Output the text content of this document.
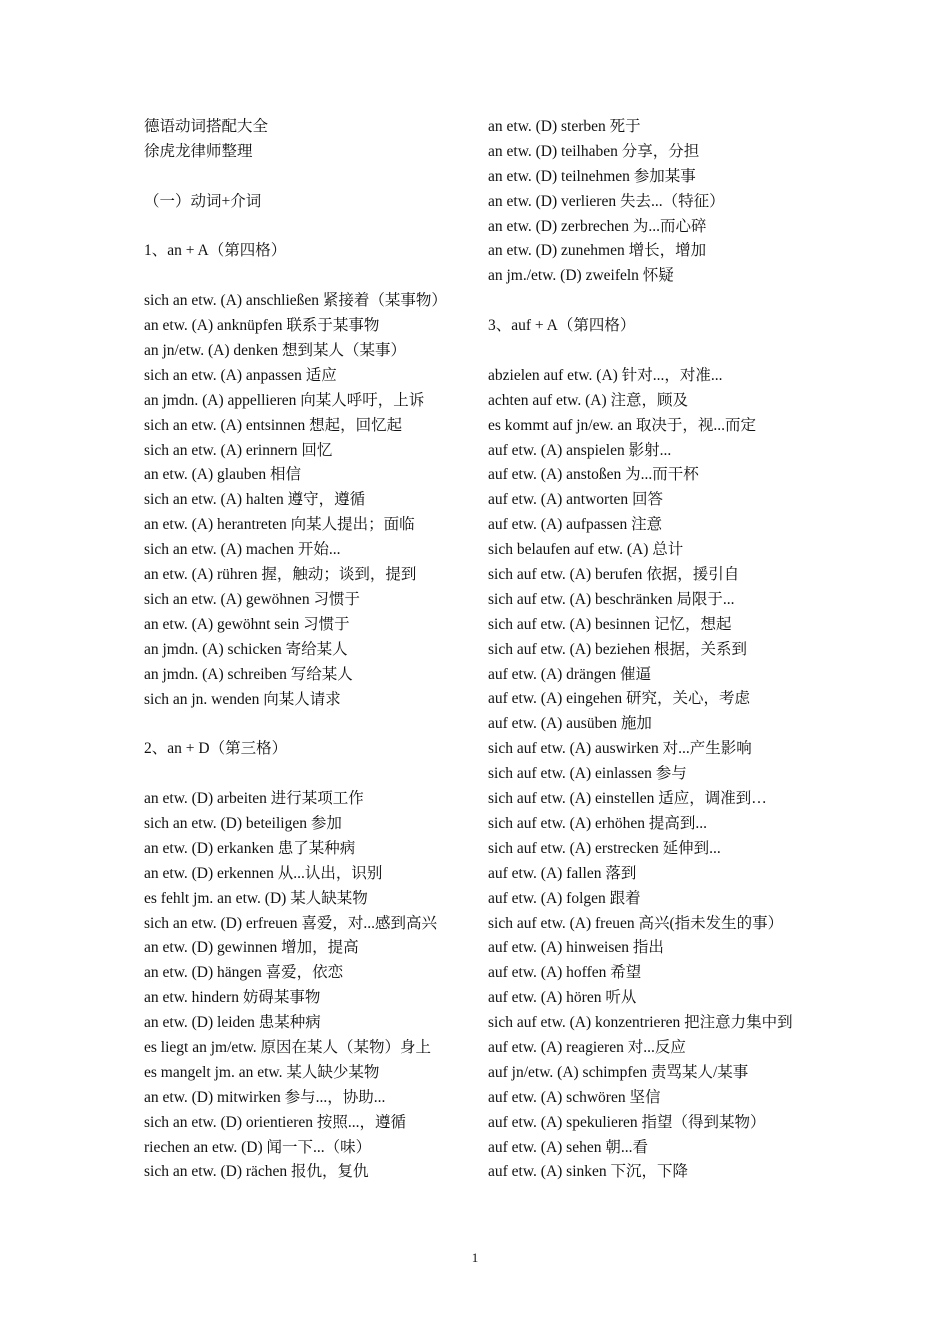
德语动词搭配大全
徐虎龙律师整理
（一）动词+介词
1、an + A（第四格）
sich an etw. (A) anschließen 紧接着（某事物）
an etw. (A) anknüpfen 联系于某事物
an jn/etw. (A) denken 想到某人（某事）
sich an etw. (A) anpassen 适应
an jmdn. (A) appellieren 向某人呼吁，上诉
sich an etw. (A) entsinnen 想起，回忆起
sich an etw. (A) erinnern 回忆
an etw. (A) glauben 相信
sich an etw. (A) halten 遵守，遵循
an etw. (A) herantreten 向某人提出；面临
sich an etw. (A) machen 开始...
an etw. (A) rühren 握，触动；谈到，提到
sich an etw. (A) gewöhnen 习惯于
an etw. (A) gewöhnt sein 习惯于
an jmdn. (A) schicken 寄给某人
an jmdn. (A) schreiben 写给某人
sich an jn. wenden 向某人请求
2、an + D（第三格）
an etw. (D) arbeiten 进行某项工作
sich an etw. (D) beteiligen 参加
an etw. (D) erkanken 患了某种病
an etw. (D) erkennen 从...认出，识别
es fehlt jm. an etw. (D) 某人缺某物
sich an etw. (D) erfreuen 喜爱，对...感到高兴
an etw. (D) gewinnen 增加，提高
an etw. (D) hängen 喜爱，依恋
an etw. hindern 妨碍某事物
an etw. (D) leiden 患某种病
es liegt an jm/etw. 原因在某人（某物）身上
es mangelt jm. an etw. 某人缺少某物
an etw. (D) mitwirken 参与...，协助...
sich an etw. (D) orientieren 按照...，遵循
riechen an etw. (D) 闻一下...（味）
sich an etw. (D) rächen 报仇，复仇
an etw. (D) sterben 死于
an etw. (D) teilhaben 分享，分担
an etw. (D) teilnehmen 参加某事
an etw. (D) verlieren 失去...（特征）
an etw. (D) zerbrechen 为...而心碎
an etw. (D) zunehmen 增长，增加
an jm./etw. (D) zweifeln 怀疑
3、auf + A（第四格）
abzielen auf etw. (A) 针对...，对准...
achten auf etw. (A) 注意，顾及
es kommt auf jn/ew. an 取决于，视...而定
auf etw. (A) anspielen 影射...
auf etw. (A) anstoßen 为...而干杯
auf etw. (A) antworten 回答
auf etw. (A) aufpassen 注意
sich belaufen auf etw. (A) 总计
sich auf etw. (A) berufen 依据，援引自
sich auf etw. (A) beschränken 局限于...
sich auf etw. (A) besinnen 记忆，想起
sich auf etw. (A) beziehen 根据，关系到
auf etw. (A) drängen 催逼
auf etw. (A) eingehen 研究，关心，考虑
auf etw. (A) ausüben 施加
sich auf etw. (A) auswirken 对...产生影响
sich auf etw. (A) einlassen 参与
sich auf etw. (A) einstellen 适应，调准到…
sich auf etw. (A) erhöhen 提高到...
sich auf etw. (A) erstrecken 延伸到...
auf etw. (A) fallen 落到
auf etw. (A) folgen 跟着
sich auf etw. (A) freuen 高兴(指未发生的事）
auf etw. (A) hinweisen 指出
auf etw. (A) hoffen 希望
auf etw. (A) hören 听从
sich auf etw. (A) konzentrieren 把注意力集中到
auf etw. (A) reagieren 对...反应
auf jn/etw. (A) schimpfen 责骂某人/某事
auf etw. (A) schwören 坚信
auf etw. (A) spekulieren 指望（得到某物）
auf etw. (A) sehen 朝...看
auf etw. (A) sinken 下沉，下降
1
